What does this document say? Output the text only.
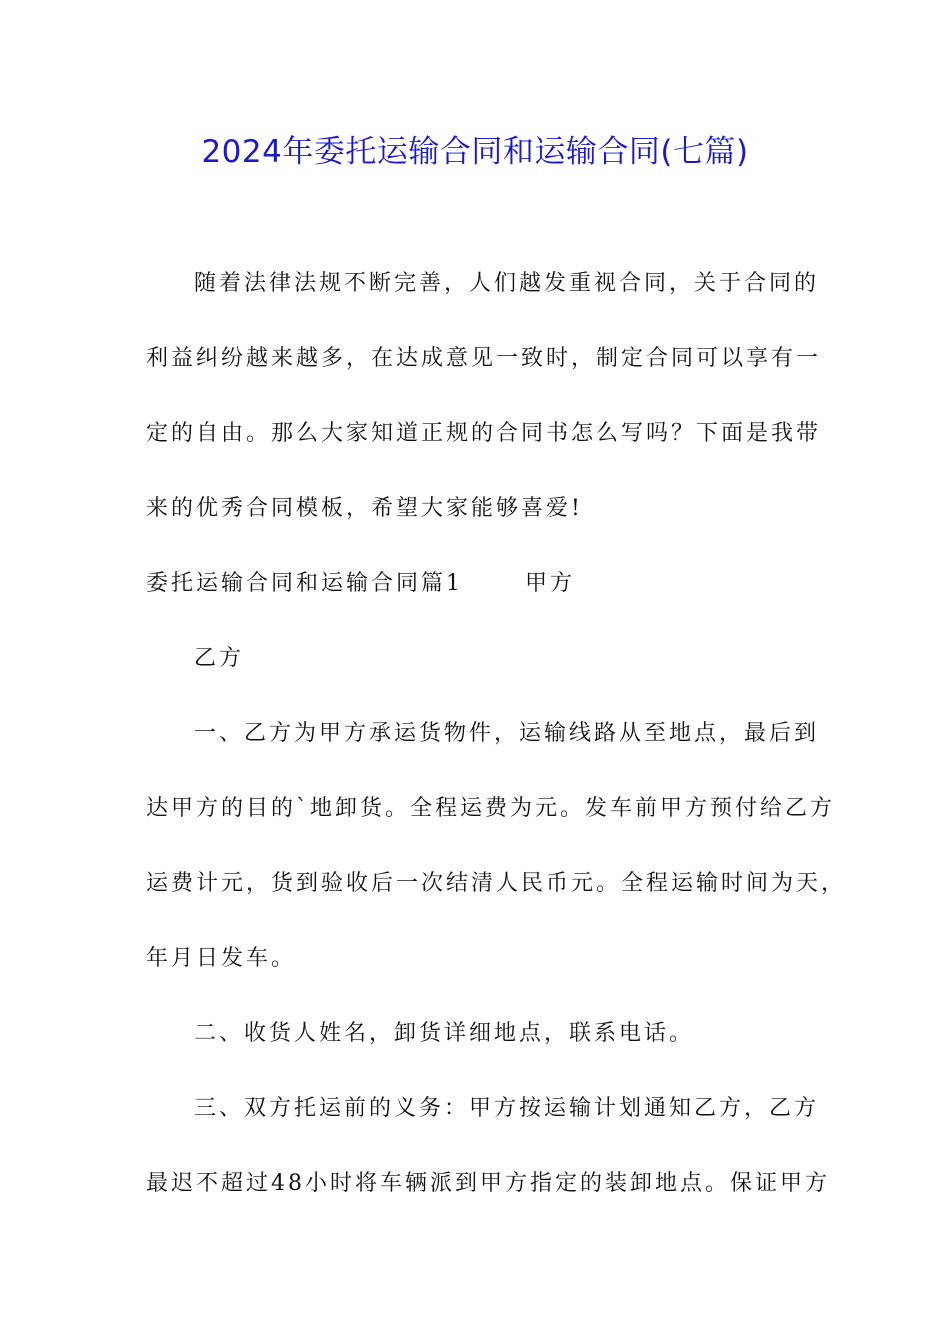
2024年委托运输合同和运输合同(七篇)

随着法律法规不断完善，人们越发重视合同，关于合同的

利益纠纷越来越多，在达成意见一致时，制定合同可以享有一

定的自由。那么大家知道正规的合同书怎么写吗？下面是我带

来的优秀合同模板，希望大家能够喜爱!

委托运输合同和运输合同篇1	甲方

乙方

一、乙方为甲方承运货物件，运输线路从至地点，最后到

达甲方的目的`地卸货。全程运费为元。发车前甲方预付给乙方

运费计元，货到验收后一次结清人民币元。全程运输时间为天，

年月日发车。

二、收货人姓名，卸货详细地点，联系电话。

三、双方托运前的义务：甲方按运输计划通知乙方，乙方

最迟不超过48小时将车辆派到甲方指定的装卸地点。保证甲方
